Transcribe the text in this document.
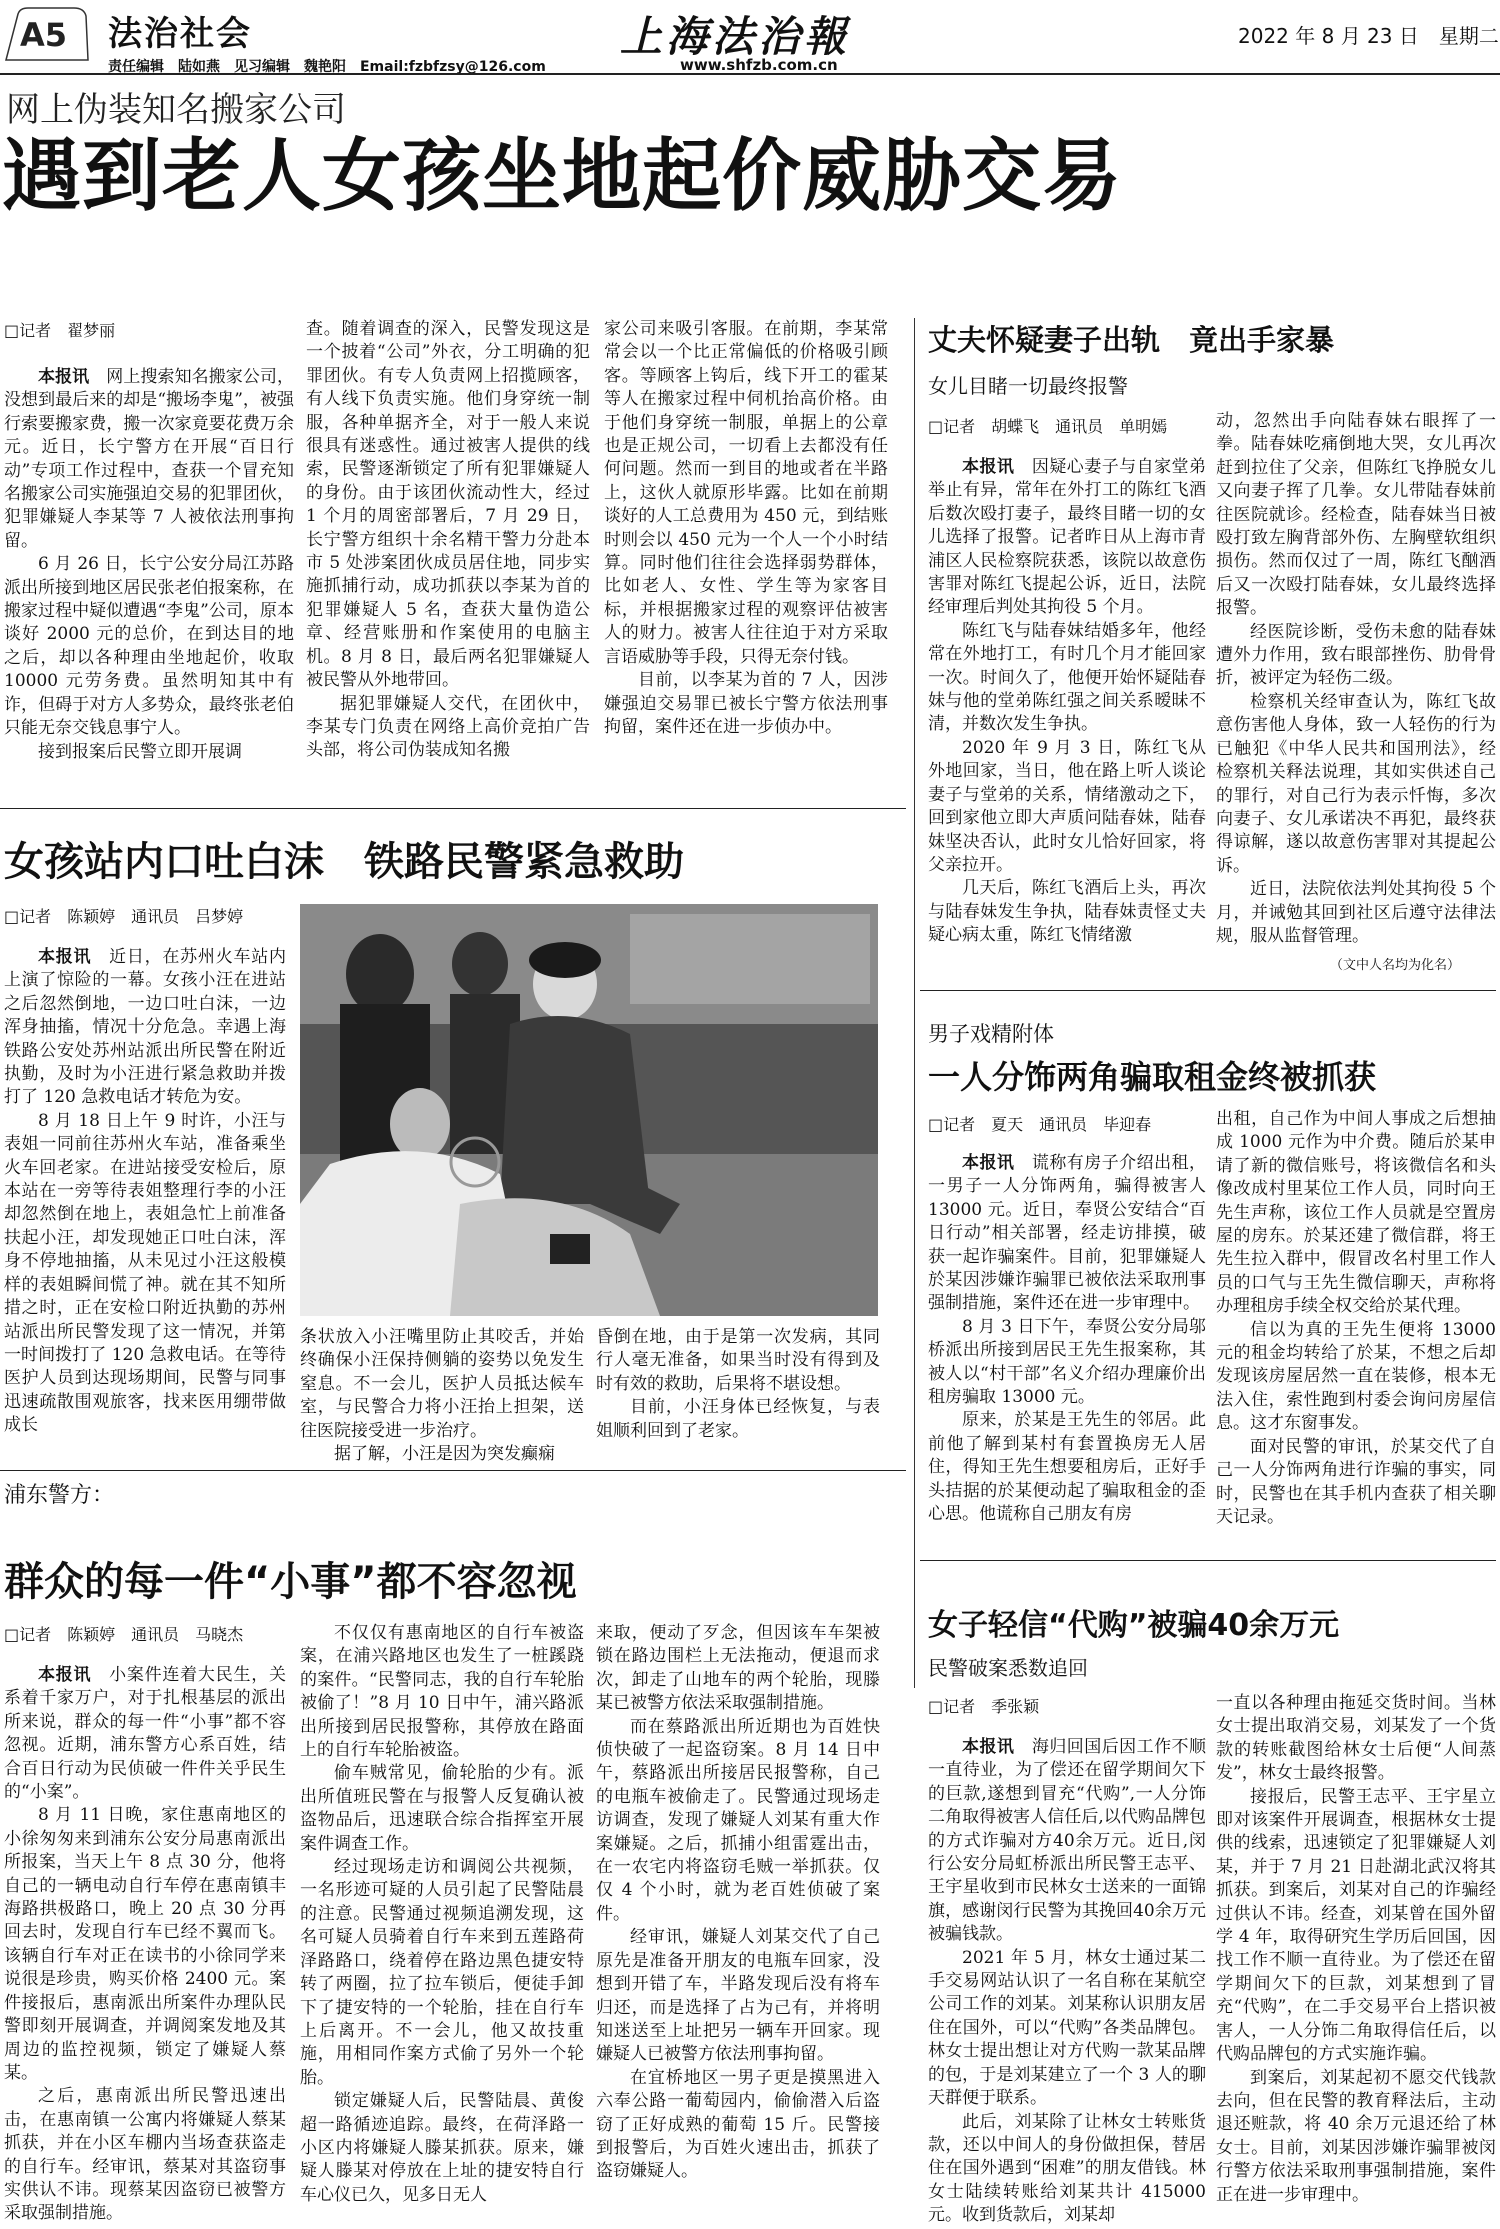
A5 法治社会
责任编辑　陆如燕　见习编辑　魏艳阳　Email:fzbfzsy@126.com
上海法治報
www.shfzb.com.cn
2022 年 8 月 23 日　星期二
网上伪装知名搬家公司
遇到老人女孩坐地起价威胁交易
□记者　翟梦丽

本报讯　网上搜索知名搬家公司，没想到最后来的却是“搬场李鬼”，被强行索要搬家费，搬一次家竟要花费万余元。近日，长宁警方在开展“百日行动”专项工作过程中，查获一个冒充知名搬家公司实施强迫交易的犯罪团伙，犯罪嫌疑人李某等 7 人被依法刑事拘留。

6 月 26 日，长宁公安分局江苏路派出所接到地区居民张老伯报案称，在搬家过程中疑似遭遇“李鬼”公司，原本谈好 2000 元的总价，在到达目的地之后，却以各种理由坐地起价，收取 10000 元劳务费。虽然明知其中有诈，但碍于对方人多势众，最终张老伯只能无奈交钱息事宁人。

接到报案后民警立即开展调

查。随着调查的深入，民警发现这是一个披着“公司”外衣，分工明确的犯罪团伙。有专人负责网上招揽顾客，有人线下负责实施。他们身穿统一制服，各种单据齐全，对于一般人来说很具有迷惑性。通过被害人提供的线索，民警逐渐锁定了所有犯罪嫌疑人的身份。由于该团伙流动性大，经过 1 个月的周密部署后，7 月 29 日，长宁警方组织十余名精干警力分赴本市 5 处涉案团伙成员居住地，同步实施抓捕行动，成功抓获以李某为首的犯罪嫌疑人 5 名，查获大量伪造公章、经营账册和作案使用的电脑主机。8 月 8 日，最后两名犯罪嫌疑人被民警从外地带回。

据犯罪嫌疑人交代，在团伙中，李某专门负责在网络上高价竞拍广告头部，将公司伪装成知名搬

家公司来吸引客服。在前期，李某常常会以一个比正常偏低的价格吸引顾客。等顾客上钩后，线下开工的霍某等人在搬家过程中伺机抬高价格。由于他们身穿统一制服，单据上的公章也是正规公司，一切看上去都没有任何问题。然而一到目的地或者在半路上，这伙人就原形毕露。比如在前期谈好的人工总费用为 450 元，到结账时则会以 450 元为一个人一个小时结算。同时他们往往会选择弱势群体，比如老人、女性、学生等为家客目标，并根据搬家过程的观察评估被害人的财力。被害人往往迫于对方采取言语威胁等手段，只得无奈付钱。

目前，以李某为首的 7 人，因涉嫌强迫交易罪已被长宁警方依法刑事拘留，案件还在进一步侦办中。

丈夫怀疑妻子出轨　竟出手家暴
女儿目睹一切最终报警
□记者　胡蝶飞　通讯员　单明嫣

本报讯　因疑心妻子与自家堂弟举止有异，常年在外打工的陈红飞酒后数次殴打妻子，最终目睹一切的女儿选择了报警。记者昨日从上海市青浦区人民检察院获悉，该院以故意伤害罪对陈红飞提起公诉，近日，法院经审理后判处其拘役 5 个月。

陈红飞与陆春妹结婚多年，他经常在外地打工，有时几个月才能回家一次。时间久了，他便开始怀疑陆春妹与他的堂弟陈红强之间关系暧昧不清，并数次发生争执。

2020 年 9 月 3 日，陈红飞从外地回家，当日，他在路上听人谈论妻子与堂弟的关系，情绪激动之下，回到家他立即大声质问陆春妹，陆春妹坚决否认，此时女儿恰好回家，将父亲拉开。

几天后，陈红飞酒后上头，再次与陆春妹发生争执，陆春妹责怪丈夫疑心病太重，陈红飞情绪激

动，忽然出手向陆春妹右眼挥了一拳。陆春妹吃痛倒地大哭，女儿再次赶到拉住了父亲，但陈红飞挣脱女儿又向妻子挥了几拳。女儿带陆春妹前往医院就诊。经检查，陆春妹当日被殴打致左胸背部外伤、左胸壁软组织损伤。然而仅过了一周，陈红飞酗酒后又一次殴打陆春妹，女儿最终选择报警。

经医院诊断，受伤未愈的陆春妹遭外力作用，致右眼部挫伤、肋骨骨折，被评定为轻伤二级。

检察机关经审查认为，陈红飞故意伤害他人身体，致一人轻伤的行为已触犯《中华人民共和国刑法》，经检察机关释法说理，其如实供述自己的罪行，对自己行为表示忏悔，多次向妻子、女儿承诺决不再犯，最终获得谅解，遂以故意伤害罪对其提起公诉。

近日，法院依法判处其拘役 5 个月，并诫勉其回到社区后遵守法律法规，服从监督管理。

（文中人名均为化名）
女孩站内口吐白沫　铁路民警紧急救助
□记者　陈颖婷　通讯员　吕梦婷

本报讯　近日，在苏州火车站内上演了惊险的一幕。女孩小汪在进站之后忽然倒地，一边口吐白沫，一边浑身抽搐，情况十分危急。幸遇上海铁路公安处苏州站派出所民警在附近执勤，及时为小汪进行紧急救助并拨打了 120 急救电话才转危为安。

8 月 18 日上午 9 时许，小汪与表姐一同前往苏州火车站，准备乘坐火车回老家。在进站接受安检后，原本站在一旁等待表姐整理行李的小汪却忽然倒在地上，表姐急忙上前准备扶起小汪，却发现她正口吐白沫，浑身不停地抽搐，从未见过小汪这般模样的表姐瞬间慌了神。就在其不知所措之时，正在安检口附近执勤的苏州站派出所民警发现了这一情况，并第一时间拨打了 120 急救电话。在等待医护人员到达现场期间，民警与同事迅速疏散围观旅客，找来医用绷带做成长

条状放入小汪嘴里防止其咬舌，并始终确保小汪保持侧躺的姿势以免发生窒息。不一会儿，医护人员抵达候车室，与民警合力将小汪抬上担架，送往医院接受进一步治疗。

据了解，小汪是因为突发癫痫

昏倒在地，由于是第一次发病，其同行人毫无准备，如果当时没有得到及时有效的救助，后果将不堪设想。

目前，小汪身体已经恢复，与表姐顺利回到了老家。

男子戏精附体
一人分饰两角骗取租金终被抓获
□记者　夏天　通讯员　毕迎春

本报讯　谎称有房子介绍出租，一男子一人分饰两角，骗得被害人 13000 元。近日，奉贤公安结合“百日行动”相关部署，经走访排摸，破获一起诈骗案件。目前，犯罪嫌疑人於某因涉嫌诈骗罪已被依法采取刑事强制措施，案件还在进一步审理中。

8 月 3 日下午，奉贤公安分局邬桥派出所接到居民王先生报案称，其被人以“村干部”名义介绍办理廉价出租房骗取 13000 元。

原来，於某是王先生的邻居。此前他了解到某村有套置换房无人居住，得知王先生想要租房后，正好手头拮据的於某便动起了骗取租金的歪心思。他谎称自己朋友有房

出租，自己作为中间人事成之后想抽成 1000 元作为中介费。随后於某申请了新的微信账号，将该微信名和头像改成村里某位工作人员，同时向王先生声称，该位工作人员就是空置房屋的房东。於某还建了微信群，将王先生拉入群中，假冒改名村里工作人员的口气与王先生微信聊天，声称将办理租房手续全权交给於某代理。

信以为真的王先生便将 13000 元的租金均转给了於某，不想之后却发现该房屋居然一直在装修，根本无法入住，索性跑到村委会询问房屋信息。这才东窗事发。

面对民警的审讯，於某交代了自己一人分饰两角进行诈骗的事实，同时，民警也在其手机内查获了相关聊天记录。

浦东警方：
群众的每一件“小事”都不容忽视
□记者　陈颖婷　通讯员　马晓杰

本报讯　小案件连着大民生，关系着千家万户，对于扎根基层的派出所来说，群众的每一件“小事”都不容忽视。近期，浦东警方心系百姓，结合百日行动为民侦破一件件关乎民生的“小案”。

8 月 11 日晚，家住惠南地区的小徐匆匆来到浦东公安分局惠南派出所报案，当天上午 8 点 30 分，他将自己的一辆电动自行车停在惠南镇丰海路拱极路口，晚上 20 点 30 分再回去时，发现自行车已经不翼而飞。该辆自行车对正在读书的小徐同学来说很是珍贵，购买价格 2400 元。案件接报后，惠南派出所案件办理队民警即刻开展调查，并调阅案发地及其周边的监控视频，锁定了嫌疑人蔡某。

之后，惠南派出所民警迅速出击，在惠南镇一公寓内将嫌疑人蔡某抓获，并在小区车棚内当场查获盗走的自行车。经审讯，蔡某对其盗窃事实供认不讳。现蔡某因盗窃已被警方采取强制措施。

不仅仅有惠南地区的自行车被盗案，在浦兴路地区也发生了一桩蹊跷的案件。“民警同志，我的自行车轮胎被偷了！”8 月 10 日中午，浦兴路派出所接到居民报警称，其停放在路面上的自行车轮胎被盗。

偷车贼常见，偷轮胎的少有。派出所值班民警在与报警人反复确认被盗物品后，迅速联合综合指挥室开展案件调查工作。

经过现场走访和调阅公共视频，一名形迹可疑的人员引起了民警陆晨的注意。民警通过视频追溯发现，这名可疑人员骑着自行车来到五莲路荷泽路路口，绕着停在路边黑色捷安特转了两圈，拉了拉车锁后，便徒手卸下了捷安特的一个轮胎，挂在自行车上后离开。不一会儿，他又故技重施，用相同作案方式偷了另外一个轮胎。

锁定嫌疑人后，民警陆晨、黄俊超一路循迹追踪。最终，在荷泽路一小区内将嫌疑人滕某抓获。原来，嫌疑人滕某对停放在上址的捷安特自行车心仪已久，见多日无人

来取，便动了歹念，但因该车车架被锁在路边围栏上无法拖动，便退而求次，卸走了山地车的两个轮胎，现滕某已被警方依法采取强制措施。

而在蔡路派出所近期也为百姓快侦快破了一起盗窃案。8 月 14 日中午，蔡路派出所接居民报警称，自己的电瓶车被偷走了。民警通过现场走访调查，发现了嫌疑人刘某有重大作案嫌疑。之后，抓捕小组雷霆出击，在一农宅内将盗窃毛贼一举抓获。仅仅 4 个小时，就为老百姓侦破了案件。

经审讯，嫌疑人刘某交代了自己原先是准备开朋友的电瓶车回家，没想到开错了车，半路发现后没有将车归还，而是选择了占为己有，并将明知迷送至上址把另一辆车开回家。现嫌疑人已被警方依法刑事拘留。

在宜桥地区一男子更是摸黑进入六奉公路一葡萄园内，偷偷潜入后盗窃了正好成熟的葡萄 15 斤。民警接到报警后，为百姓火速出击，抓获了盗窃嫌疑人。

女子轻信“代购”被骗40余万元
民警破案悉数追回
□记者　季张颖

本报讯　海归回国后因工作不顺一直待业，为了偿还在留学期间欠下的巨款,遂想到冒充“代购”,一人分饰二角取得被害人信任后,以代购品牌包的方式诈骗对方40余万元。近日,闵行公安分局虹桥派出所民警王志平、王宇星收到市民林女士送来的一面锦旗，感谢闵行民警为其挽回40余万元被骗钱款。

2021 年 5 月，林女士通过某二手交易网站认识了一名自称在某航空公司工作的刘某。刘某称认识朋友居住在国外，可以“代购”各类品牌包。林女士提出想让对方代购一款某品牌的包，于是刘某建立了一个 3 人的聊天群便于联系。

此后，刘某除了让林女士转账货款，还以中间人的身份做担保，替居住在国外遇到“困难”的朋友借钱。林女士陆续转账给刘某共计 415000 元。收到货款后，刘某却

一直以各种理由拖延交货时间。当林女士提出取消交易，刘某发了一个货款的转账截图给林女士后便“人间蒸发”，林女士最终报警。

接报后，民警王志平、王宇星立即对该案件开展调查，根据林女士提供的线索，迅速锁定了犯罪嫌疑人刘某，并于 7 月 21 日赴湖北武汉将其抓获。到案后，刘某对自己的诈骗经过供认不讳。经查，刘某曾在国外留学 4 年，取得研究生学历后回国，因找工作不顺一直待业。为了偿还在留学期间欠下的巨款，刘某想到了冒充“代购”，在二手交易平台上搭识被害人，一人分饰二角取得信任后，以代购品牌包的方式实施诈骗。

到案后，刘某起初不愿交代钱款去向，但在民警的教育释法后，主动退还赃款，将 40 余万元退还给了林女士。目前，刘某因涉嫌诈骗罪被闵行警方依法采取刑事强制措施，案件正在进一步审理中。
